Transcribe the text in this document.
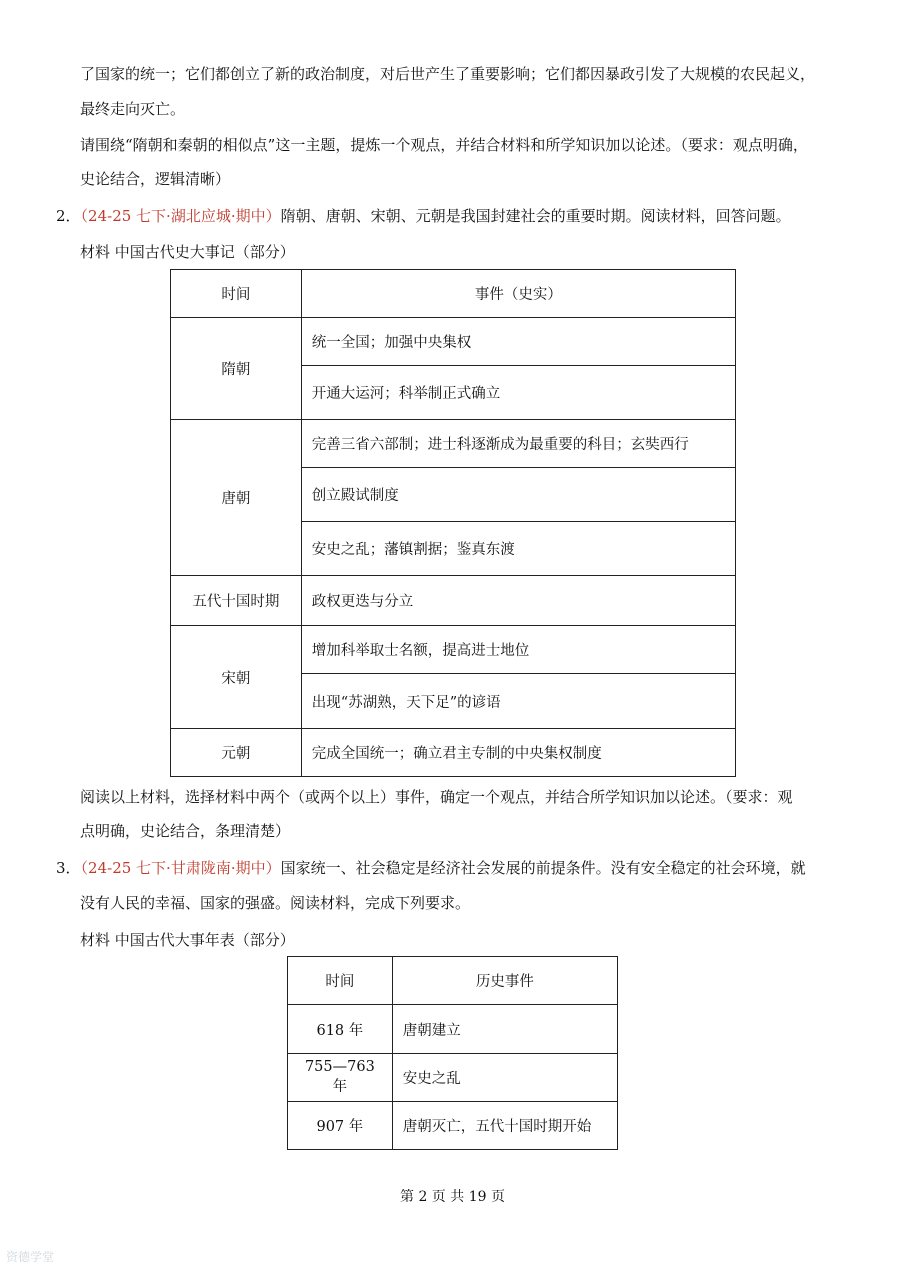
了国家的统一；它们都创立了新的政治制度，对后世产生了重要影响；它们都因暴政引发了大规模的农民起义，
最终走向灭亡。
请围绕“隋朝和秦朝的相似点”这一主题，提炼一个观点，并结合材料和所学知识加以论述。（要求：观点明确，
史论结合，逻辑清晰）
2．（24-25 七下·湖北应城·期中）隋朝、唐朝、宋朝、元朝是我国封建社会的重要时期。阅读材料，回答问题。
材料 中国古代史大事记（部分）
时间	事件（史实）
隋朝	统一全国；加强中央集权
	开通大运河；科举制正式确立
唐朝	完善三省六部制；进士科逐渐成为最重要的科目；玄奘西行
	创立殿试制度
	安史之乱；藩镇割据；鉴真东渡
五代十国时期	政权更迭与分立
宋朝	增加科举取士名额，提高进士地位
	出现“苏湖熟，天下足”的谚语
元朝	完成全国统一；确立君主专制的中央集权制度
阅读以上材料，选择材料中两个（或两个以上）事件，确定一个观点，并结合所学知识加以论述。（要求：观
点明确，史论结合，条理清楚）
3．（24-25 七下·甘肃陇南·期中）国家统一、社会稳定是经济社会发展的前提条件。没有安全稳定的社会环境，就
没有人民的幸福、国家的强盛。阅读材料，完成下列要求。
材料 中国古代大事年表（部分）
时间	历史事件
618 年	唐朝建立
755—763 年	安史之乱
907 年	唐朝灭亡，五代十国时期开始
第 2 页 共 19 页
资德学堂
